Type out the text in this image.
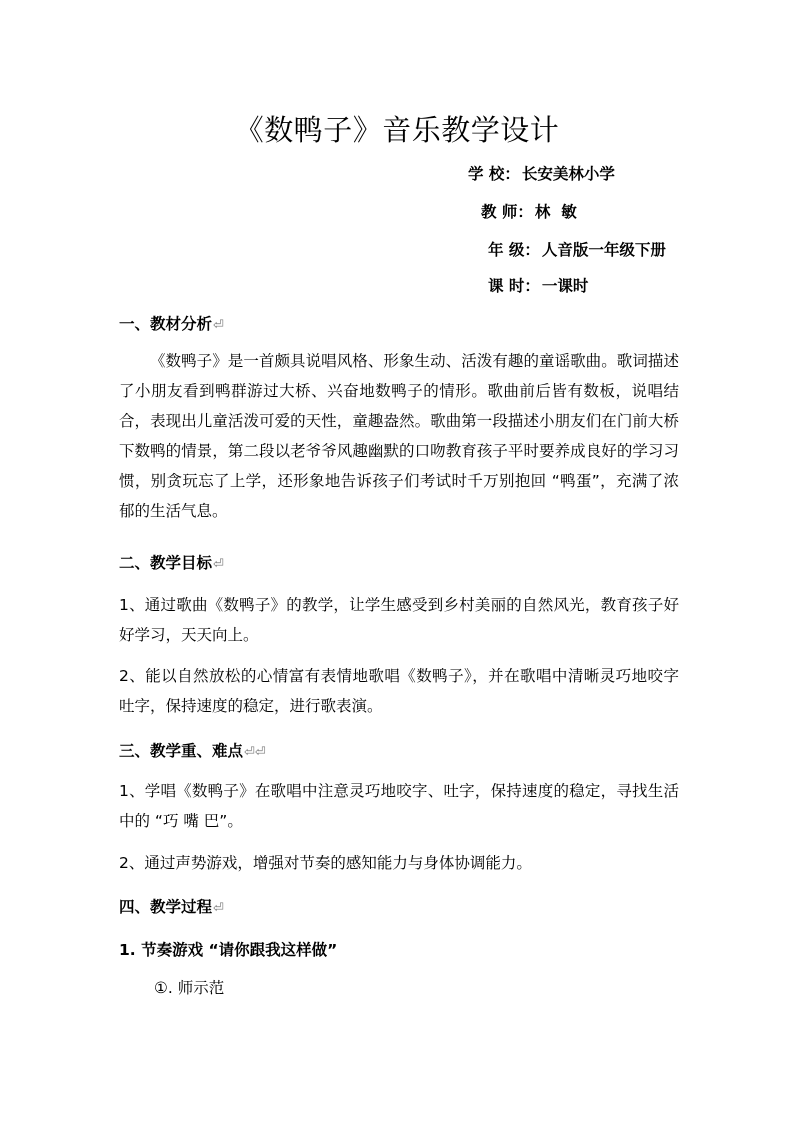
《数鸭子》音乐教学设计
学 校： 长安美林小学
教 师： 林  敏
年 级： 人音版一年级下册
课 时： 一课时
一、教材分析⏎
《数鸭子》是一首颇具说唱风格、形象生动、活泼有趣的童谣歌曲。歌词描述了小朋友看到鸭群游过大桥、兴奋地数鸭子的情形。歌曲前后皆有数板，说唱结合，表现出儿童活泼可爱的天性，童趣盎然。歌曲第一段描述小朋友们在门前大桥下数鸭的情景，第二段以老爷爷风趣幽默的口吻教育孩子平时要养成良好的学习习惯，别贪玩忘了上学，还形象地告诉孩子们考试时千万别抱回 “鸭蛋”，充满了浓郁的生活气息。
二、教学目标⏎
1、通过歌曲《数鸭子》的教学，让学生感受到乡村美丽的自然风光，教育孩子好好学习，天天向上。
2、能以自然放松的心情富有表情地歌唱《数鸭子》，并在歌唱中清晰灵巧地咬字吐字，保持速度的稳定，进行歌表演。
三、教学重、难点⏎⏎
1、学唱《数鸭子》在歌唱中注意灵巧地咬字、吐字，保持速度的稳定，寻找生活中的 “巧 嘴 巴”。
2、通过声势游戏，增强对节奏的感知能力与身体协调能力。
四、教学过程⏎
1. 节奏游戏 “请你跟我这样做”
①. 师示范
